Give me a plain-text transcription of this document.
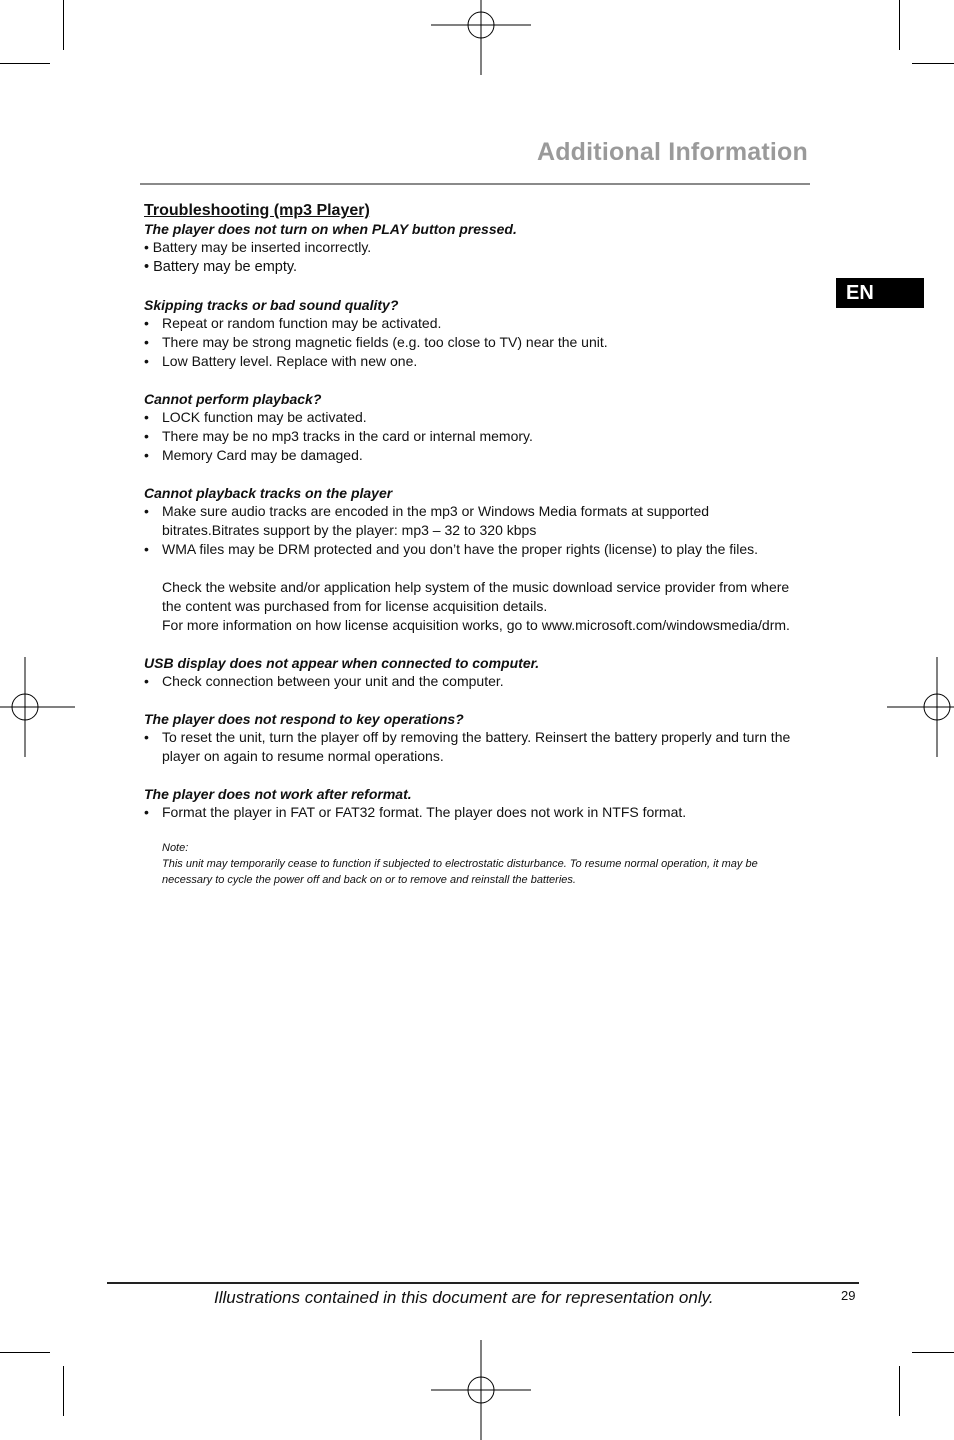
Additional Information
EN
Troubleshooting (mp3 Player)
The player does not turn on when PLAY button pressed.
• Battery may be inserted incorrectly.
• Battery may be empty.
Skipping tracks or bad sound quality?
• Repeat or random function may be activated.
• There may be strong magnetic fields (e.g. too close to TV) near the unit.
• Low Battery level. Replace with new one.
Cannot perform playback?
• LOCK function may be activated.
• There may be no mp3 tracks in the card or internal memory.
• Memory Card may be damaged.
Cannot playback tracks on the player
• Make sure audio tracks are encoded in the mp3 or Windows Media formats at supported bitrates.Bitrates support by the player: mp3 – 32 to 320 kbps
• WMA files may be DRM protected and you don’t have the proper rights (license) to play the files.
Check the website and/or application help system of the music download service provider from where the content was purchased from for license acquisition details.
For more information on how license acquisition works, go to www.microsoft.com/windowsmedia/drm.
USB display does not appear when connected to computer.
• Check connection between your unit and the computer.
The player does not respond to key operations?
• To reset the unit, turn the player off by removing the battery. Reinsert the battery properly and turn the player on again to resume normal operations.
The player does not work after reformat.
• Format the player in FAT or FAT32 format. The player does not work in NTFS format.
Note:
This unit may temporarily cease to function if subjected to electrostatic disturbance. To resume normal operation, it may be necessary to cycle the power off and back on or to remove and reinstall the batteries.
Illustrations contained in this document are for representation only.	29
